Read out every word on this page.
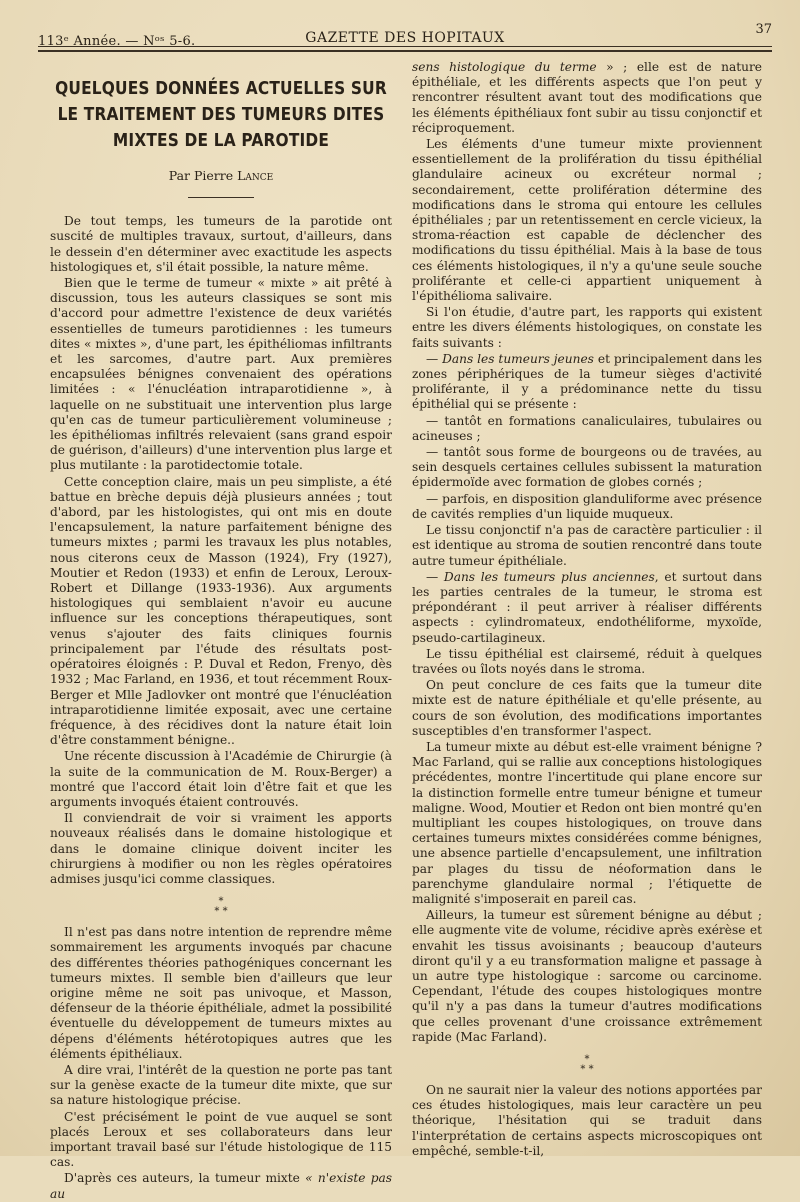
113ᵉ Année. — Nᵒˢ 5-6.	GAZETTE DES HOPITAUX
37
QUELQUES DONNÉES ACTUELLES SUR LE TRAITEMENT DES TUMEURS DITES MIXTES DE LA PAROTIDE
Par Pierre Lance

De tout temps, les tumeurs de la parotide ont suscité de multiples travaux, surtout, d'ailleurs, dans le dessein d'en déterminer avec exactitude les aspects histologiques et, s'il était possible, la nature même.

Bien que le terme de tumeur « mixte » ait prêté à discussion, tous les auteurs classiques se sont mis d'accord pour admettre l'existence de deux variétés essentielles de tumeurs parotidiennes : les tumeurs dites « mixtes », d'une part, les épithéliomas infiltrants et les sarcomes, d'autre part. Aux premières encapsulées bénignes convenaient des opérations limitées : « l'énucléation intraparotidienne », à laquelle on ne substituait une intervention plus large qu'en cas de tumeur particulièrement volumineuse ; les épithéliomas infiltrés relevaient (sans grand espoir de guérison, d'ailleurs) d'une intervention plus large et plus mutilante : la parotidectomie totale.

Cette conception claire, mais un peu simpliste, a été battue en brèche depuis déjà plusieurs années ; tout d'abord, par les histologistes, qui ont mis en doute l'encapsulement, la nature parfaitement bénigne des tumeurs mixtes ; parmi les travaux les plus notables, nous citerons ceux de Masson (1924), Fry (1927), Moutier et Redon (1933) et enfin de Leroux, Leroux-Robert et Dillange (1933-1936). Aux arguments histologiques qui semblaient n'avoir eu aucune influence sur les conceptions thérapeutiques, sont venus s'ajouter des faits cliniques fournis principalement par l'étude des résultats post-opératoires éloignés : P. Duval et Redon, Frenyo, dès 1932 ; Mac Farland, en 1936, et tout récemment Roux-Berger et Mlle Jadlovker ont montré que l'énucléation intraparotidienne limitée exposait, avec une certaine fréquence, à des récidives dont la nature était loin d'être constamment bénigne..

Une récente discussion à l'Académie de Chirurgie (à la suite de la communication de M. Roux-Berger) a montré que l'accord était loin d'être fait et que les arguments invoqués étaient controuvés.

Il conviendrait de voir si vraiment les apports nouveaux réalisés dans le domaine histologique et dans le domaine clinique doivent inciter les chirurgiens à modifier ou non les règles opératoires admises jusqu'ici comme classiques.

*
* *

Il n'est pas dans notre intention de reprendre même sommairement les arguments invoqués par chacune des différentes théories pathogéniques concernant les tumeurs mixtes. Il semble bien d'ailleurs que leur origine même ne soit pas univoque, et Masson, défenseur de la théorie épithéliale, admet la possibilité éventuelle du développement de tumeurs mixtes au dépens d'éléments hétérotopiques autres que les éléments épithéliaux.

A dire vrai, l'intérêt de la question ne porte pas tant sur la genèse exacte de la tumeur dite mixte, que sur sa nature histologique précise.

C'est précisément le point de vue auquel se sont placés Leroux et ses collaborateurs dans leur important travail basé sur l'étude histologique de 115 cas.

D'après ces auteurs, la tumeur mixte « n'existe pas au

sens histologique du terme » ; elle est de nature épithéliale, et les différents aspects que l'on peut y rencontrer résultent avant tout des modifications que les éléments épithéliaux font subir au tissu conjonctif et réciproquement.

Les éléments d'une tumeur mixte proviennent essentiellement de la prolifération du tissu épithélial glandulaire acineux ou excréteur normal ; secondairement, cette prolifération détermine des modifications dans le stroma qui entoure les cellules épithéliales ; par un retentissement en cercle vicieux, la stroma-réaction est capable de déclencher des modifications du tissu épithélial. Mais à la base de tous ces éléments histologiques, il n'y a qu'une seule souche proliférante et celle-ci appartient uniquement à l'épithélioma salivaire.

Si l'on étudie, d'autre part, les rapports qui existent entre les divers éléments histologiques, on constate les faits suivants :

— Dans les tumeurs jeunes et principalement dans les zones périphériques de la tumeur sièges d'activité proliférante, il y a prédominance nette du tissu épithélial qui se présente :

— tantôt en formations canaliculaires, tubulaires ou acineuses ;

— tantôt sous forme de bourgeons ou de travées, au sein desquels certaines cellules subissent la maturation épidermoïde avec formation de globes cornés ;

— parfois, en disposition glanduliforme avec présence de cavités remplies d'un liquide muqueux.

Le tissu conjonctif n'a pas de caractère particulier : il est identique au stroma de soutien rencontré dans toute autre tumeur épithéliale.

— Dans les tumeurs plus anciennes, et surtout dans les parties centrales de la tumeur, le stroma est prépondérant : il peut arriver à réaliser différents aspects : cylindromateux, endothéliforme, myxoïde, pseudo-cartilagineux.

Le tissu épithélial est clairsemé, réduit à quelques travées ou îlots noyés dans le stroma.

On peut conclure de ces faits que la tumeur dite mixte est de nature épithéliale et qu'elle présente, au cours de son évolution, des modifications importantes susceptibles d'en transformer l'aspect.

La tumeur mixte au début est-elle vraiment bénigne ? Mac Farland, qui se rallie aux conceptions histologiques précédentes, montre l'incertitude qui plane encore sur la distinction formelle entre tumeur bénigne et tumeur maligne. Wood, Moutier et Redon ont bien montré qu'en multipliant les coupes histologiques, on trouve dans certaines tumeurs mixtes considérées comme bénignes, une absence partielle d'encapsulement, une infiltration par plages du tissu de néoformation dans le parenchyme glandulaire normal ; l'étiquette de malignité s'imposerait en pareil cas.

Ailleurs, la tumeur est sûrement bénigne au début ; elle augmente vite de volume, récidive après exérèse et envahit les tissus avoisinants ; beaucoup d'auteurs diront qu'il y a eu transformation maligne et passage à un autre type histologique : sarcome ou carcinome. Cependant, l'étude des coupes histologiques montre qu'il n'y a pas dans la tumeur d'autres modifications que celles provenant d'une croissance extrêmement rapide (Mac Farland).

*
* *

On ne saurait nier la valeur des notions apportées par ces études histologiques, mais leur caractère un peu théorique, l'hésitation qui se traduit dans l'interprétation de certains aspects microscopiques ont empêché, semble-t-il,
